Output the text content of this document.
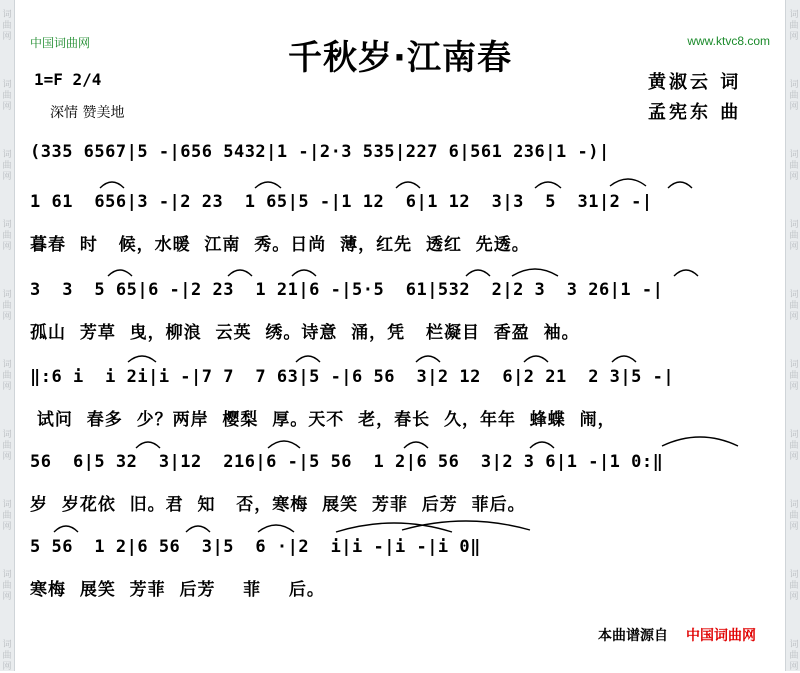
词曲网
词曲网
词曲网
词曲网
词曲网
词曲网
词曲网
词曲网
词曲网
词曲网
词曲网
词曲网
词曲网
词曲网
词曲网
词曲网
词曲网
词曲网
词曲网
词曲网
中国词曲网	www.ktvc8.com
千秋岁·江南春
1=F 2/4
深情 赞美地
黄淑云 词
孟宪东 曲
(335 6567|5 -|656 5432|1 -|2·3 535|227 6|561 236|1 -)|
1 61  656|3 -|2 23  1 65|5 -|1 12  6|1 12  3|3  5  31|2 -|
暮春  时   候，水暖  江南  秀。日尚  薄，红先  透红  先透。
3  3  5 65|6 -|2 23  1 21|6 -|5·5  61|532  2|2 3  3 26|1 -|
孤山  芳草  曳，柳浪  云英  绣。诗意  涌，凭   栏凝目  香盈  袖。
‖:6 i  i 2i|i -|7 7  7 63|5 -|6 56  3|2 12  6|2 21  2 3|5 -|
试问  春多  少？两岸  樱梨  厚。天不  老，春长  久，年年  蜂蝶  闹，
56  6|5 32  3|12  216|6 -|5 56  1 2|6 56  3|2 3 6|1 -|1 0:‖
岁  岁花依  旧。君  知   否，寒梅  展笑  芳菲  后芳  菲后。
5 56  1 2|6 56  3|5  6 ·|2  i|i -|i -|i 0‖
寒梅  展笑  芳菲  后芳    菲    后。
本曲谱源自 中国词曲网
